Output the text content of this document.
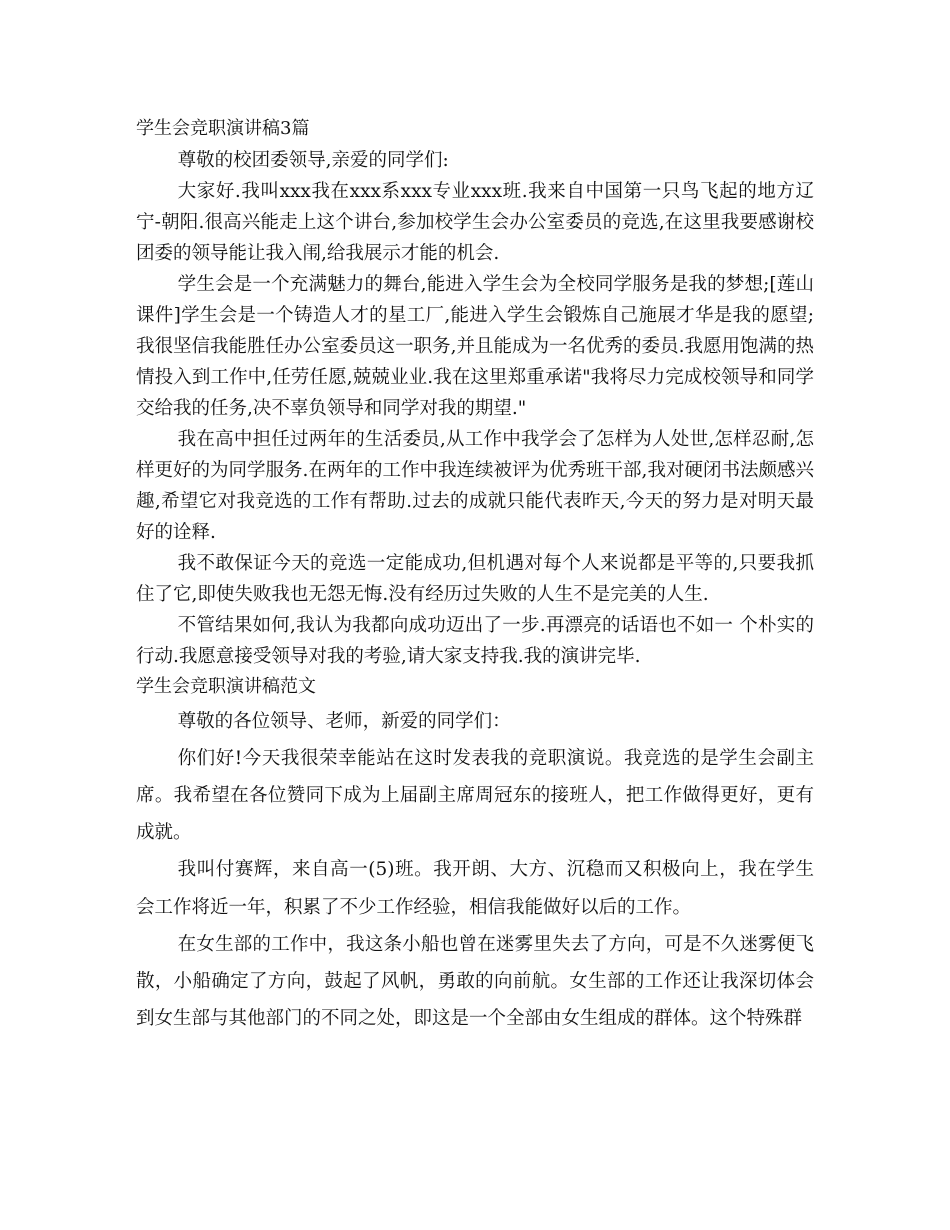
学生会竞职演讲稿3篇

尊敬的校团委领导,亲爱的同学们:

大家好.我叫xxx我在xxx系xxx专业xxx班.我来自中国第一只鸟飞起的地方辽宁-朝阳.很高兴能走上这个讲台,参加校学生会办公室委员的竞选,在这里我要感谢校团委的领导能让我入闱,给我展示才能的机会.

学生会是一个充满魅力的舞台,能进入学生会为全校同学服务是我的梦想;[莲山课件]学生会是一个铸造人才的星工厂,能进入学生会锻炼自己施展才华是我的愿望;我很坚信我能胜任办公室委员这一职务,并且能成为一名优秀的委员.我愿用饱满的热情投入到工作中,任劳任愿,兢兢业业.我在这里郑重承诺"我将尽力完成校领导和同学交给我的任务,决不辜负领导和同学对我的期望."

我在高中担任过两年的生活委员,从工作中我学会了怎样为人处世,怎样忍耐,怎样更好的为同学服务.在两年的工作中我连续被评为优秀班干部,我对硬闭书法颇感兴趣,希望它对我竞选的工作有帮助.过去的成就只能代表昨天,今天的努力是对明天最好的诠释.

我不敢保证今天的竞选一定能成功,但机遇对每个人来说都是平等的,只要我抓住了它,即使失败我也无怨无悔.没有经历过失败的人生不是完美的人生.

不管结果如何,我认为我都向成功迈出了一步.再漂亮的话语也不如一 个朴实的行动.我愿意接受领导对我的考验,请大家支持我.我的演讲完毕.

学生会竞职演讲稿范文

尊敬的各位领导、老师，新爱的同学们：

你们好!今天我很荣幸能站在这时发表我的竞职演说。我竞选的是学生会副主席。我希望在各位赞同下成为上届副主席周冠东的接班人，把工作做得更好，更有成就。

我叫付赛辉，来自高一(5)班。我开朗、大方、沉稳而又积极向上，我在学生会工作将近一年，积累了不少工作经验，相信我能做好以后的工作。

在女生部的工作中，我这条小船也曾在迷雾里失去了方向，可是不久迷雾便飞散，小船确定了方向，鼓起了风帆，勇敢的向前航。女生部的工作还让我深切体会到女生部与其他部门的不同之处，即这是一个全部由女生组成的群体。这个特殊群
